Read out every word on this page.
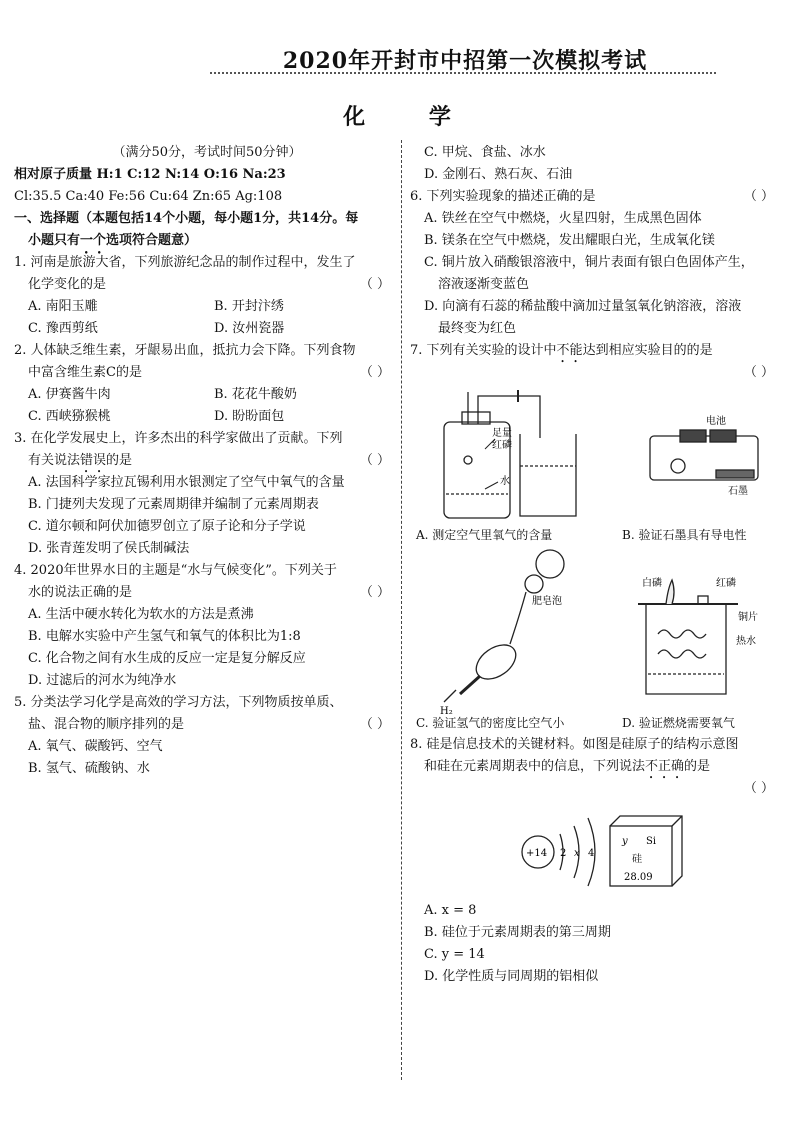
2020年开封市中招第一次模拟考试
化 学
（满分50分，考试时间50分钟）
相对原子质量 H:1 C:12 N:14 O:16 Na:23
Cl:35.5 Ca:40 Fe:56 Cu:64 Zn:65 Ag:108
一、选择题（本题包括14个小题，每小题1分，共14分。每
小题只有一个选项符合题意）
1. 河南是旅游大省，下列旅游纪念品的制作过程中，发生了
化学变化的是	（ ）
A. 南阳玉雕	B. 开封汴绣
C. 豫西剪纸	D. 汝州瓷器
2. 人体缺乏维生素，牙龈易出血，抵抗力会下降。下列食物
中富含维生素C的是	（ ）
A. 伊赛酱牛肉	B. 花花牛酸奶
C. 西峡猕猴桃	D. 盼盼面包
3. 在化学发展史上，许多杰出的科学家做出了贡献。下列
有关说法错误的是	（ ）
A. 法国科学家拉瓦锡利用水银测定了空气中氧气的含量
B. 门捷列夫发现了元素周期律并编制了元素周期表
C. 道尔顿和阿伏加德罗创立了原子论和分子学说
D. 张青莲发明了侯氏制碱法
4. 2020年世界水日的主题是“水与气候变化”。下列关于
水的说法正确的是	（ ）
A. 生活中硬水转化为软水的方法是煮沸
B. 电解水实验中产生氢气和氧气的体积比为1:8
C. 化合物之间有水生成的反应一定是复分解反应
D. 过滤后的河水为纯净水
5. 分类法学习化学是高效的学习方法，下列物质按单质、
盐、混合物的顺序排列的是	（ ）
A. 氧气、碳酸钙、空气
B. 氢气、硫酸钠、水
C. 甲烷、食盐、冰水
D. 金刚石、熟石灰、石油
6. 下列实验现象的描述正确的是	（ ）
A. 铁丝在空气中燃烧，火星四射，生成黑色固体
B. 镁条在空气中燃烧，发出耀眼白光，生成氧化镁
C. 铜片放入硝酸银溶液中，铜片表面有银白色固体产生，
溶液逐渐变蓝色
D. 向滴有石蕊的稀盐酸中滴加过量氢氧化钠溶液，溶液
最终变为红色
7. 下列有关实验的设计中不能达到相应实验目的的是
（ ）
足量
红磷
水
电池
石墨
A. 测定空气里氧气的含量	B. 验证石墨具有导电性
肥皂泡
H₂
白磷	红磷
铜片
热水
C. 验证氢气的密度比空气小	D. 验证燃烧需要氧气
8. 硅是信息技术的关键材料。如图是硅原子的结构示意图
和硅在元素周期表中的信息，下列说法不正确的是
（ ）
+14 2 x 4
y Si
硅
28.09
A. x = 8
B. 硅位于元素周期表的第三周期
C. y = 14
D. 化学性质与同周期的铝相似
